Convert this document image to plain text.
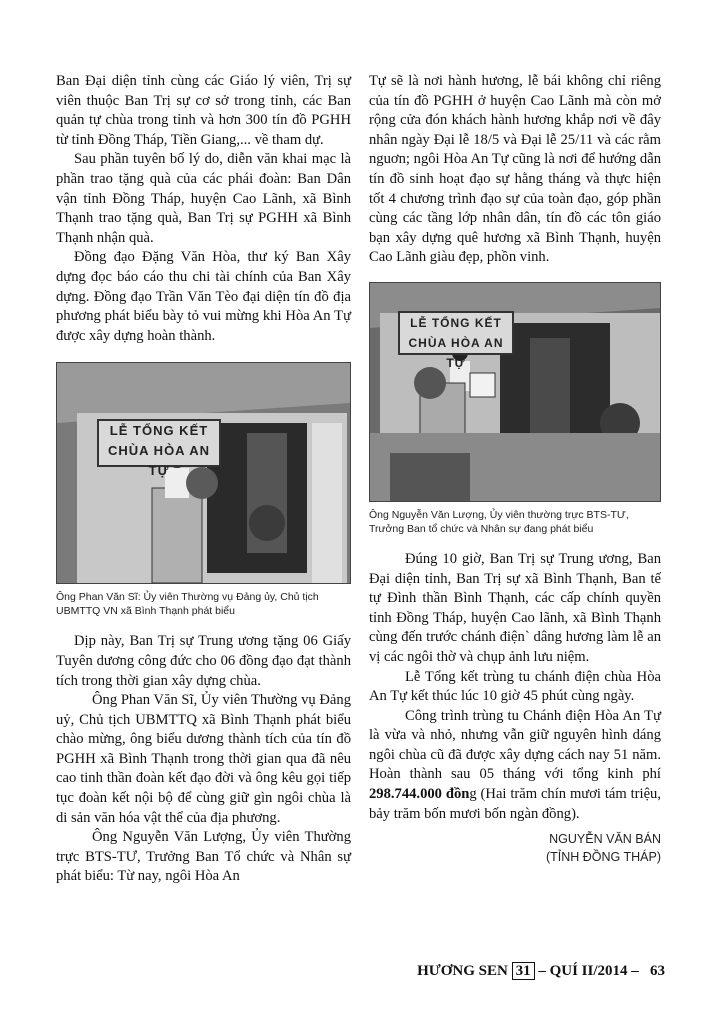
Ban Đại diện tỉnh cùng các Giáo lý viên, Trị sự viên thuộc Ban Trị sự cơ sở trong tỉnh, các Ban quản tự chùa trong tỉnh và hơn 300 tín đồ PGHH từ tỉnh Đồng Tháp, Tiền Giang,... về tham dự.

Sau phần tuyên bố lý do, diễn văn khai mạc là phần trao tặng quà của các phái đoàn: Ban Dân vận tỉnh Đồng Tháp, huyện Cao Lãnh, xã Bình Thạnh trao tặng quà, Ban Trị sự PGHH xã Bình Thạnh nhận quà.

Đồng đạo Đặng Văn Hòa, thư ký Ban Xây dựng đọc báo cáo thu chi tài chính của Ban Xây dựng. Đồng đạo Trần Văn Tèo đại diện tín đồ địa phương phát biểu bày tỏ vui mừng khi Hòa An Tự được xây dựng hoàn thành.

LỄ TỔNG KẾT
CHÙA HÒA AN TỰ

Ông Phan Văn Sĩ: Ủy viên Thường vụ Đảng ủy, Chủ tịch UBMTTQ VN xã Bình Thạnh phát biểu

Dịp này, Ban Trị sự Trung ương tặng 06 Giấy Tuyên dương công đức cho 06 đồng đạo đạt thành tích trong thời gian xây dựng chùa.

Ông Phan Văn Sĩ, Ủy viên Thường vụ Đảng uỷ, Chủ tịch UBMTTQ xã Bình Thạnh phát biểu chào mừng, ông biểu dương thành tích của tín đồ PGHH xã Bình Thạnh trong thời gian qua đã nêu cao tinh thần đoàn kết đạo đời và ông kêu gọi tiếp tục đoàn kết nội bộ để cùng giữ gìn ngôi chùa là di sản văn hóa vật thể của địa phương.

Ông Nguyễn Văn Lượng, Ủy viên Thường trực BTS-TƯ, Trưởng Ban Tổ chức và Nhân sự phát biểu: Từ nay, ngôi Hòa An

Tự sẽ là nơi hành hương, lễ bái không chỉ riêng của tín đồ PGHH ở huyện Cao Lãnh mà còn mở rộng cửa đón khách hành hương khắp nơi về đây nhân ngày Đại lễ 18/5 và Đại lễ 25/11 và các rằm nguơn; ngôi Hòa An Tự cũng là nơi để hướng dẫn tín đồ sinh hoạt đạo sự hằng tháng và thực hiện tốt 4 chương trình đạo sự của toàn đạo, góp phần cùng các tầng lớp nhân dân, tín đồ các tôn giáo bạn xây dựng quê hương xã Bình Thạnh, huyện Cao Lãnh giàu đẹp, phồn vinh.

LỄ TỔNG KẾT
CHÙA HÒA AN TỰ

Ông Nguyễn Văn Lượng, Ủy viên thường trực BTS-TƯ, Trưởng Ban tổ chức và Nhân sự đang phát biểu

Đúng 10 giờ, Ban Trị sự Trung ương, Ban Đại diện tỉnh, Ban Trị sự xã Bình Thạnh, Ban tế tự Đình thần Bình Thạnh, các cấp chính quyền tỉnh Đồng Tháp, huyện Cao lãnh, xã Bình Thạnh cùng đến trước chánh điện` dâng hương làm lễ an vị các ngôi thờ và chụp ảnh lưu niệm.

Lễ Tổng kết trùng tu chánh điện chùa Hòa An Tự kết thúc lúc 10 giờ 45 phút cùng ngày.

Công trình trùng tu Chánh điện Hòa An Tự là vừa và nhỏ, nhưng vẫn giữ nguyên hình dáng ngôi chùa cũ đã được xây dựng cách nay 51 năm. Hoàn thành sau 05 tháng với tổng kinh phí 298.744.000 đồng (Hai trăm chín mươi tám triệu, bảy trăm bốn mươi bốn ngàn đồng).

NGUYỄN VĂN BÁN
(TỈNH ĐỒNG THÁP)
HƯƠNG SEN 31 – QUÍ II/2014 – 63
